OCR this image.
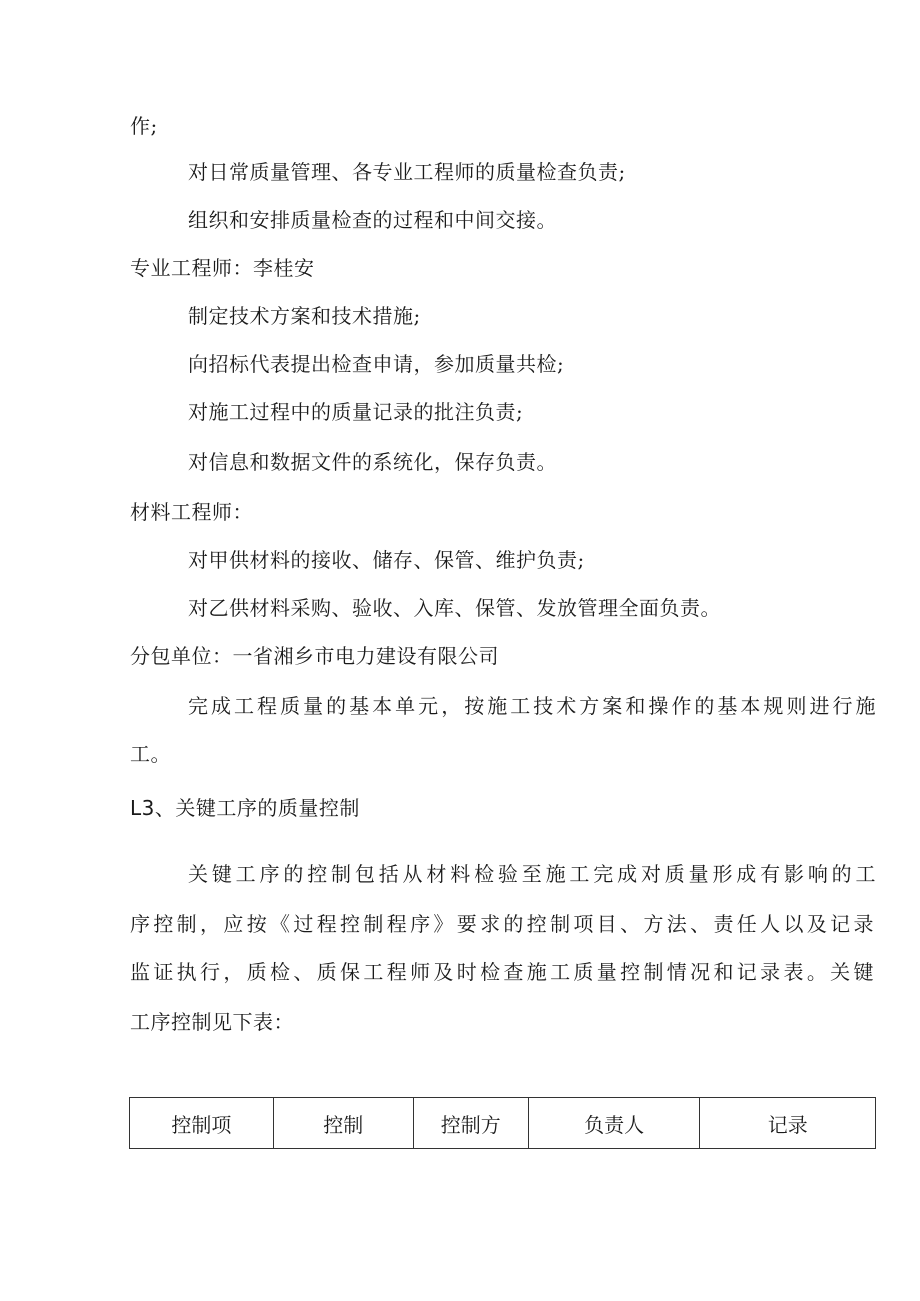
作;
对日常质量管理、各专业工程师的质量检查负责;
组织和安排质量检查的过程和中间交接。
专业工程师：李桂安
制定技术方案和技术措施;
向招标代表提出检查申请，参加质量共检;
对施工过程中的质量记录的批注负责;
对信息和数据文件的系统化，保存负责。
材料工程师：
对甲供材料的接收、储存、保管、维护负责;
对乙供材料采购、验收、入库、保管、发放管理全面负责。
分包单位：一省湘乡市电力建设有限公司
完成工程质量的基本单元，按施工技术方案和操作的基本规则进行施
工。
L3、关键工序的质量控制
关键工序的控制包括从材料检验至施工完成对质量形成有影响的工
序控制，应按《过程控制程序》要求的控制项目、方法、责任人以及记录
监证执行，质检、质保工程师及时检查施工质量控制情况和记录表。关键
工序控制见下表：
控制项	控制	控制方	负责人	记录
